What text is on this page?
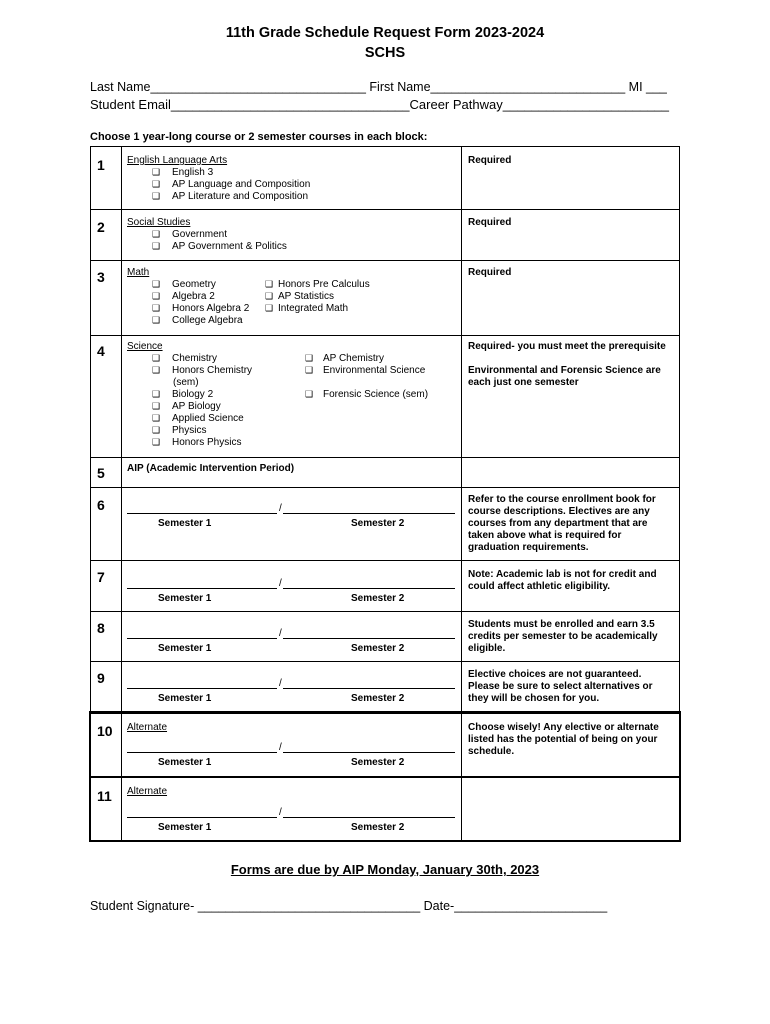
11th Grade Schedule Request Form 2023-2024
SCHS
Last Name_______________________________ First Name____________________________ MI ___
Student Email_________________________________Career Pathway_______________________
Choose 1 year-long course or 2 semester courses in each block:
1 English Language Arts
❑ English 3
❑ AP Language and Composition
❑ AP Literature and Composition
Required
2 Social Studies
❑ Government
❑ AP Government & Politics
Required
3 Math
❑ Geometry
❑ Algebra 2
❑ Honors Algebra 2
❑ College Algebra
❑ Honors Pre Calculus
❑ AP Statistics
❑ Integrated Math
Required
4 Science
❑ Chemistry
❑ Honors Chemistry
(sem)
❑ Biology 2
❑ AP Biology
❑ Applied Science
❑ Physics
❑ Honors Physics
❑ AP Chemistry
❑ Environmental Science
❑ Forensic Science (sem)
Required- you must meet the prerequisite
Environmental and Forensic Science are each just one semester
5 AIP (Academic Intervention Period)
6	/
Semester 1	Semester 2
Refer to the course enrollment book for course descriptions. Electives are any courses from any department that are taken above what is required for graduation requirements.
7	/
Semester 1	Semester 2
Note: Academic lab is not for credit and could affect athletic eligibility.
8	/
Semester 1	Semester 2
Students must be enrolled and earn 3.5 credits per semester to be academically eligible.
9	/
Semester 1	Semester 2
Elective choices are not guaranteed. Please be sure to select alternatives or they will be chosen for you.
10 Alternate
/
Semester 1	Semester 2
Choose wisely! Any elective or alternate listed has the potential of being on your schedule.
11 Alternate
/
Semester 1	Semester 2
Forms are due by AIP Monday, January 30th, 2023
Student Signature- ________________________________ Date-______________________
